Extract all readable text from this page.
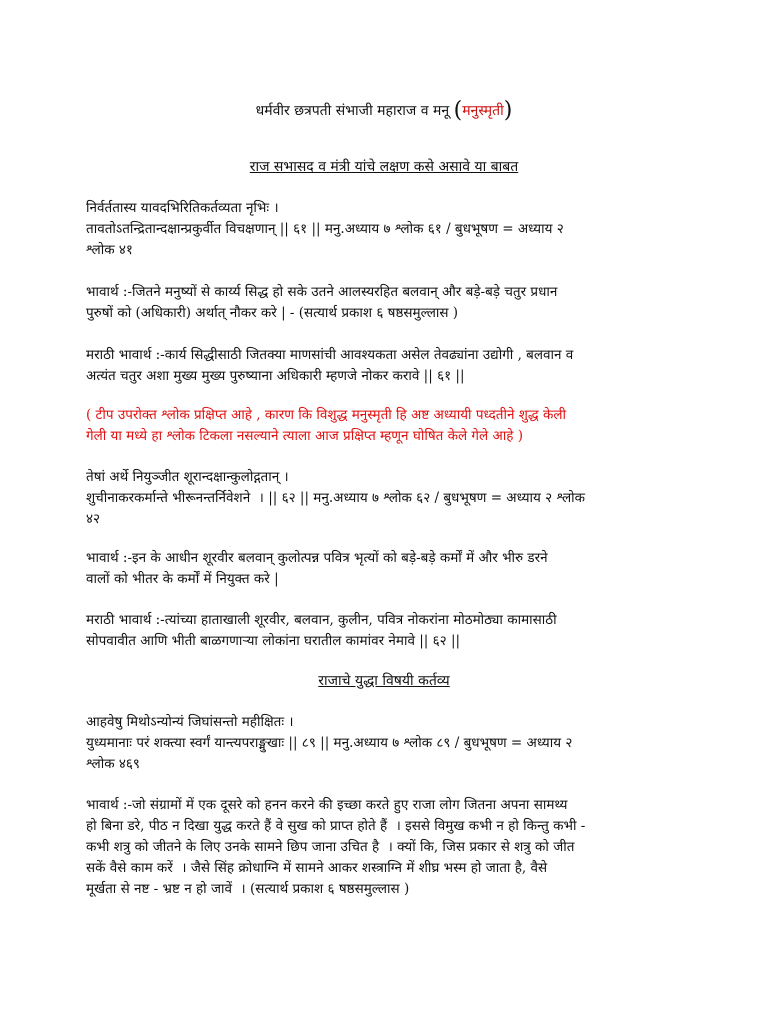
धर्मवीर छत्रपती संभाजी महाराज व मनू (मनुस्मृती)
राज सभासद व मंत्री यांचे लक्षण कसे असावे या बाबत

निर्वर्ततास्य यावदभिरितिकर्तव्यता नृभिः ।

तावतोऽतन्द्रितान्दक्षान्प्रकुर्वीत विचक्षणान् || ६१ || मनु.अध्याय ७ श्लोक ६१ / बुधभूषण = अध्याय २

श्लोक ४१

भावार्थ :-जितने मनुष्यों से कार्य्य सिद्ध हो सके उतने आलस्यरहित बलवान् और बड़े-बड़े चतुर प्रधान

पुरुषों को (अधिकारी) अर्थात् नौकर करे | - (सत्यार्थ प्रकाश ६ षष्ठसमुल्लास )

मराठी भावार्थ :-कार्य सिद्धीसाठी जितक्या माणसांची आवश्यकता असेल तेवढ्यांना उद्योगी , बलवान व

अत्यंत चतुर अशा मुख्य मुख्य पुरुष्याना अधिकारी म्हणजे नोकर करावे || ६१ ||

( टीप उपरोक्त श्लोक प्रक्षिप्त आहे , कारण कि विशुद्ध मनुस्मृती हि अष्ट अध्यायी पध्दतीने शुद्ध केली

गेली या मध्ये हा श्लोक टिकला नसल्याने त्याला आज प्रक्षिप्त म्हणून घोषित केले गेले आहे )

तेषां अर्थे नियुञ्जीत शूरान्दक्षान्कुलोद्गतान् ।

शुचीनाकरकर्मान्ते भीरूनन्तर्निवेशने  । || ६२ || मनु.अध्याय ७ श्लोक ६२ / बुधभूषण = अध्याय २ श्लोक

४२

भावार्थ :-इन के आधीन शूरवीर बलवान् कुलोत्पन्न पवित्र भृत्यों को बड़े-बड़े कर्मों में और भीरु डरने

वालों को भीतर के कर्मों में नियुक्त करे |

मराठी भावार्थ :-त्यांच्या हाताखाली शूरवीर, बलवान, कुलीन, पवित्र नोकरांना मोठमोठ्या कामासाठी

सोपवावीत आणि भीती बाळगणाऱ्या लोकांना घरातील कामांवर नेमावे || ६२ ||

राजाचे युद्धा विषयी कर्तव्य

आहवेषु मिथोऽन्योन्यं जिघांसन्तो महीक्षितः ।

युध्यमानाः परं शक्त्या स्वर्गं यान्त्यपराङ्मुखाः || ८९ || मनु.अध्याय ७ श्लोक ८९ / बुधभूषण = अध्याय २

श्लोक ४६९

भावार्थ :-जो संग्रामों में एक दूसरे को हनन करने की इच्छा करते हुए राजा लोग जितना अपना सामथ्य

हो बिना डरे, पीठ न दिखा युद्ध करते हैं वे सुख को प्राप्त होते हैं  । इससे विमुख कभी न हो किन्तु कभी -

कभी शत्रु को जीतने के लिए उनके सामने छिप जाना उचित है  । क्यों कि, जिस प्रकार से शत्रु को जीत

सकें वैसे काम करें  । जैसे सिंह क्रोधाग्नि में सामने आकर शस्त्राग्नि में शीघ्र भस्म हो जाता है, वैसे

मूर्खता से नष्ट - भ्रष्ट न हो जावें  । (सत्यार्थ प्रकाश ६ षष्ठसमुल्लास )
